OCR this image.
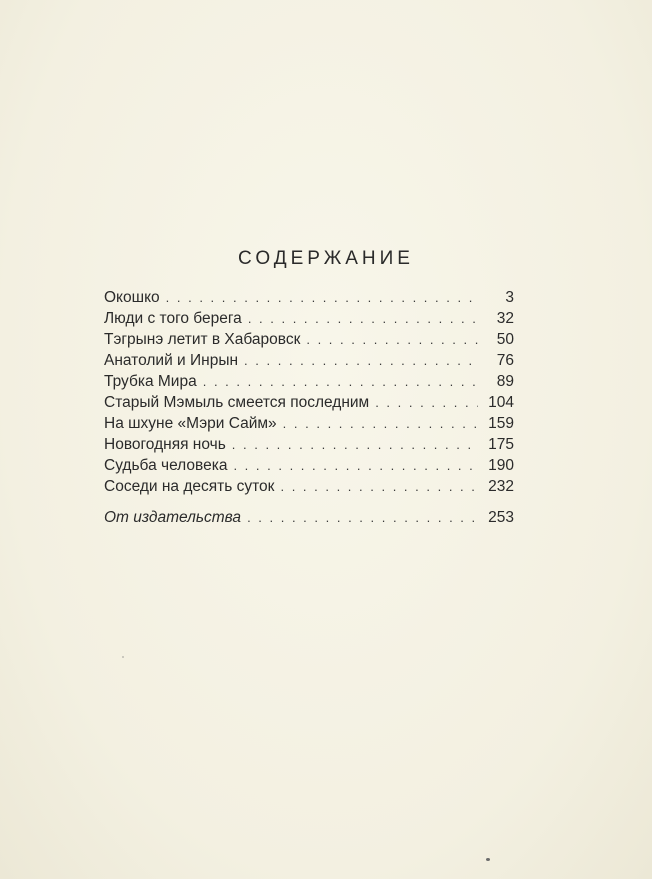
СОДЕРЖАНИЕ
Окошко . . .	3
Люди с того берега . . .	32
Тэгрынэ летит в Хабаровск . . .	50
Анатолий и Инрын . . .	76
Трубка Мира . . .	89
Старый Мэмыль смеется последним . . .	104
На шхуне «Мэри Сайм» . . .	159
Новогодняя ночь . . .	175
Судьба человека . . .	190
Соседи на десять суток . . .	232
От издательства . . .	253
